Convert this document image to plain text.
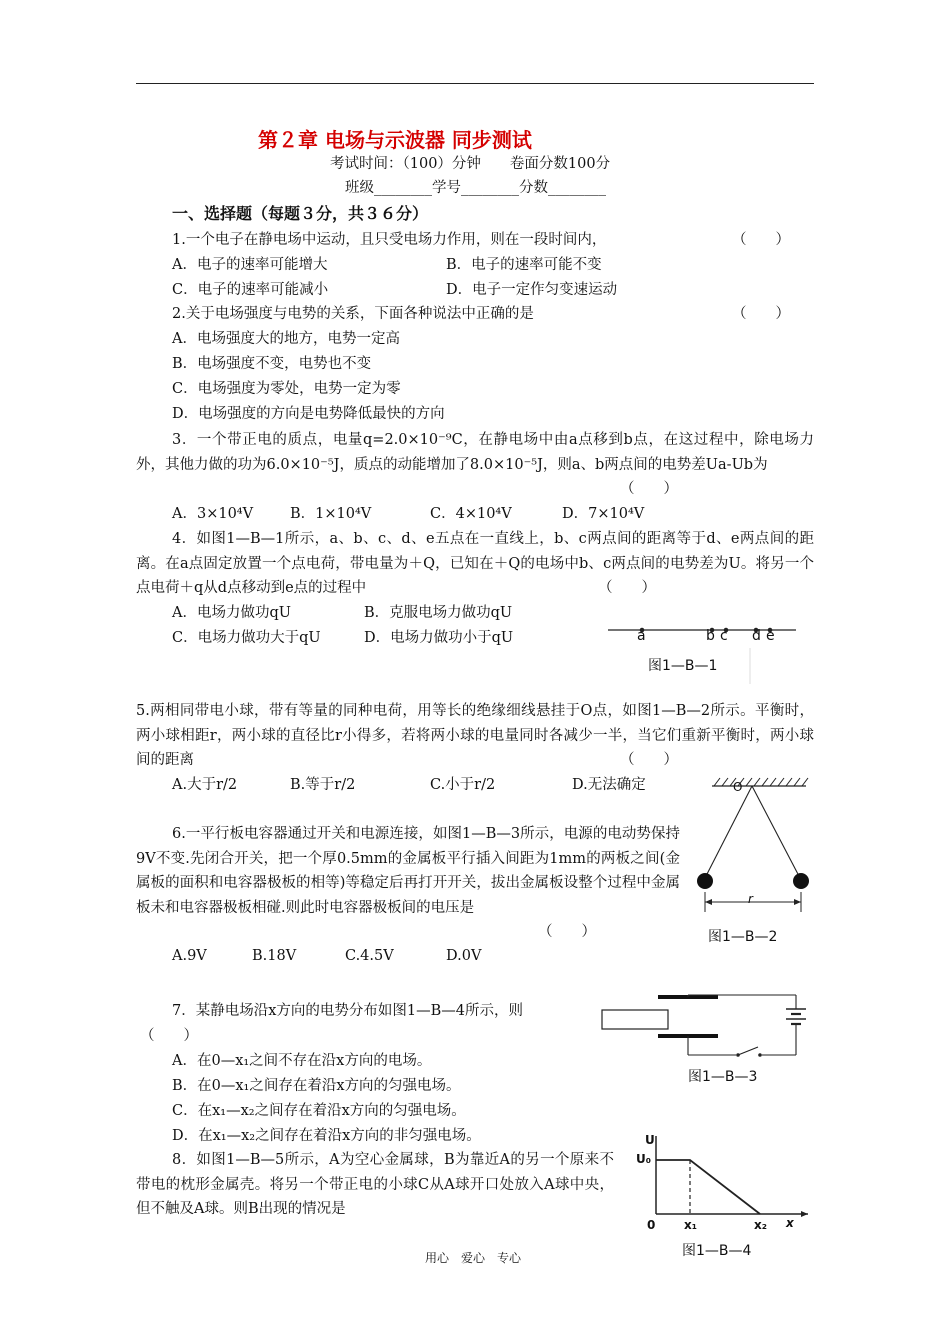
第２章 电场与示波器 同步测试
考试时间：（100）分钟　　卷面分数100分
班级________学号________分数________
一、选择题（每题３分，共３６分）
1.一个电子在静电场中运动，且只受电场力作用，则在一段时间内，	（　　）
A．电子的速率可能增大	B．电子的速率可能不变
C．电子的速率可能减小	D．电子一定作匀变速运动
2.关于电场强度与电势的关系，下面各种说法中正确的是	（　　）
A．电场强度大的地方，电势一定高
B．电场强度不变，电势也不变
C．电场强度为零处，电势一定为零
D．电场强度的方向是电势降低最快的方向
3．一个带正电的质点，电量q=2.0×10⁻⁹C，在静电场中由a点移到b点，在这过程中，除电场力外，其他力做的功为6.0×10⁻⁵J，质点的动能增加了8.0×10⁻⁵J，则a、b两点间的电势差Ua-Ub为
（　　）
A．3×10⁴V	B．1×10⁴V	C．4×10⁴V	D．7×10⁴V
4．如图1—B—1所示，a、b、c、d、e五点在一直线上，b、c两点间的距离等于d、e两点间的距离。在a点固定放置一个点电荷，带电量为＋Q，已知在＋Q的电场中b、c两点间的电势差为U。将另一个点电荷＋q从d点移动到e点的过程中	（　　）
A．电场力做功qU	B．克服电场力做功qU
C．电场力做功大于qU	D．电场力做功小于qU	a	b c d e
图1—B—1
5.两相同带电小球，带有等量的同种电荷，用等长的绝缘细线悬挂于O点，如图1—B—2所示。平衡时，两小球相距r，两小球的直径比r小得多，若将两小球的电量同时各减少一半，当它们重新平衡时，两小球间的距离	（　　）
A.大于r/2	B.等于r/2	C.小于r/2	D.无法确定	O
r
图1—B—2
6.一平行板电容器通过开关和电源连接，如图1—B—3所示，电源的电动势保持9V不变.先闭合开关，把一个厚0.5mm的金属板平行插入间距为1mm的两板之间(金属板的面积和电容器极板的相等)等稳定后再打开开关，拔出金属板设整个过程中金属板未和电容器极板相碰.则此时电容器极板间的电压是
（　　）
A.9V	B.18V	C.4.5V	D.0V
图1—B—3
7．某静电场沿x方向的电势分布如图1—B—4所示，则
（　　）
A．在0—x₁之间不存在沿x方向的电场。
B．在0—x₁之间存在着沿x方向的匀强电场。
C．在x₁—x₂之间存在着沿x方向的匀强电场。
D．在x₁—x₂之间存在着沿x方向的非匀强电场。	U
U₀
0 x₁	x₂ x
图1—B—4
8．如图1—B—5所示，A为空心金属球，B为靠近A的另一个原来不带电的枕形金属壳。将另一个带正电的小球C从A球开口处放入A球中央，但不触及A球。则B出现的情况是
用心　爱心　专心
